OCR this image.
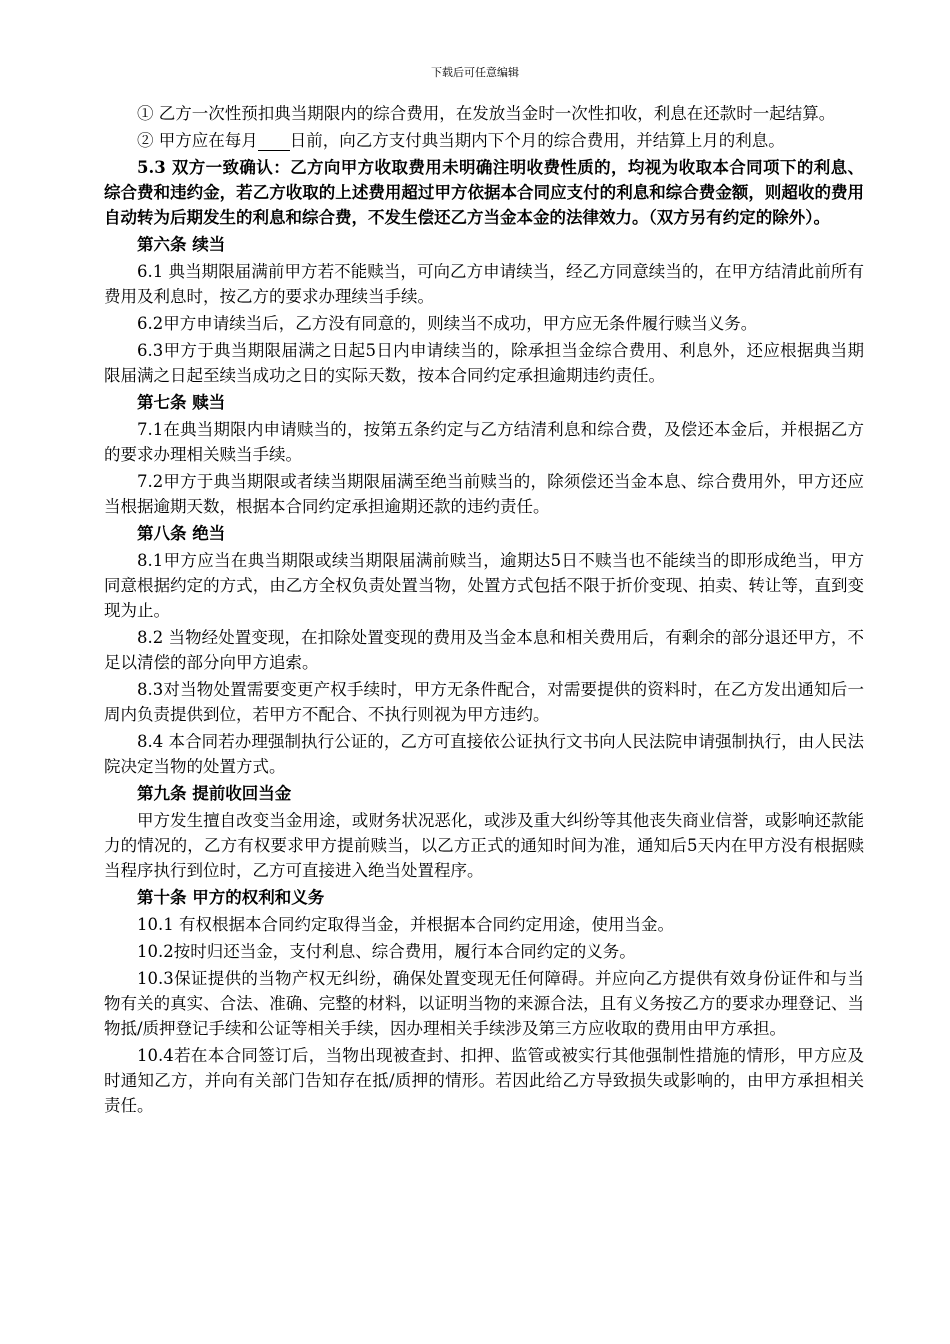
下载后可任意编辑

① 乙方一次性预扣典当期限内的综合费用，在发放当金时一次性扣收，利息在还款时一起结算。

② 甲方应在每月 日前，向乙方支付典当期内下个月的综合费用，并结算上月的利息。

5.3 双方一致确认：乙方向甲方收取费用未明确注明收费性质的，均视为收取本合同项下的利息、综合费和违约金，若乙方收取的上述费用超过甲方依据本合同应支付的利息和综合费金额，则超收的费用自动转为后期发生的利息和综合费，不发生偿还乙方当金本金的法律效力。（双方另有约定的除外）。

第六条 续当

6.1 典当期限届满前甲方若不能赎当，可向乙方申请续当，经乙方同意续当的，在甲方结清此前所有费用及利息时，按乙方的要求办理续当手续。

6.2甲方申请续当后，乙方没有同意的，则续当不成功，甲方应无条件履行赎当义务。

6.3甲方于典当期限届满之日起5日内申请续当的，除承担当金综合费用、利息外，还应根据典当期限届满之日起至续当成功之日的实际天数，按本合同约定承担逾期违约责任。

第七条 赎当

7.1在典当期限内申请赎当的，按第五条约定与乙方结清利息和综合费，及偿还本金后，并根据乙方的要求办理相关赎当手续。

7.2甲方于典当期限或者续当期限届满至绝当前赎当的，除须偿还当金本息、综合费用外，甲方还应当根据逾期天数，根据本合同约定承担逾期还款的违约责任。

第八条 绝当

8.1甲方应当在典当期限或续当期限届满前赎当，逾期达5日不赎当也不能续当的即形成绝当，甲方同意根据约定的方式，由乙方全权负责处置当物，处置方式包括不限于折价变现、拍卖、转让等，直到变现为止。

8.2 当物经处置变现，在扣除处置变现的费用及当金本息和相关费用后，有剩余的部分退还甲方，不足以清偿的部分向甲方追索。

8.3对当物处置需要变更产权手续时，甲方无条件配合，对需要提供的资料时，在乙方发出通知后一周内负责提供到位，若甲方不配合、不执行则视为甲方违约。

8.4 本合同若办理强制执行公证的，乙方可直接依公证执行文书向人民法院申请强制执行，由人民法院决定当物的处置方式。

第九条 提前收回当金

甲方发生擅自改变当金用途，或财务状况恶化，或涉及重大纠纷等其他丧失商业信誉，或影响还款能力的情况的，乙方有权要求甲方提前赎当，以乙方正式的通知时间为准，通知后5天内在甲方没有根据赎当程序执行到位时，乙方可直接进入绝当处置程序。

第十条 甲方的权利和义务

10.1 有权根据本合同约定取得当金，并根据本合同约定用途，使用当金。

10.2按时归还当金，支付利息、综合费用，履行本合同约定的义务。

10.3保证提供的当物产权无纠纷，确保处置变现无任何障碍。并应向乙方提供有效身份证件和与当物有关的真实、合法、准确、完整的材料，以证明当物的来源合法，且有义务按乙方的要求办理登记、当物抵/质押登记手续和公证等相关手续，因办理相关手续涉及第三方应收取的费用由甲方承担。

10.4若在本合同签订后，当物出现被查封、扣押、监管或被实行其他强制性措施的情形，甲方应及时通知乙方，并向有关部门告知存在抵/质押的情形。若因此给乙方导致损失或影响的，由甲方承担相关责任。
